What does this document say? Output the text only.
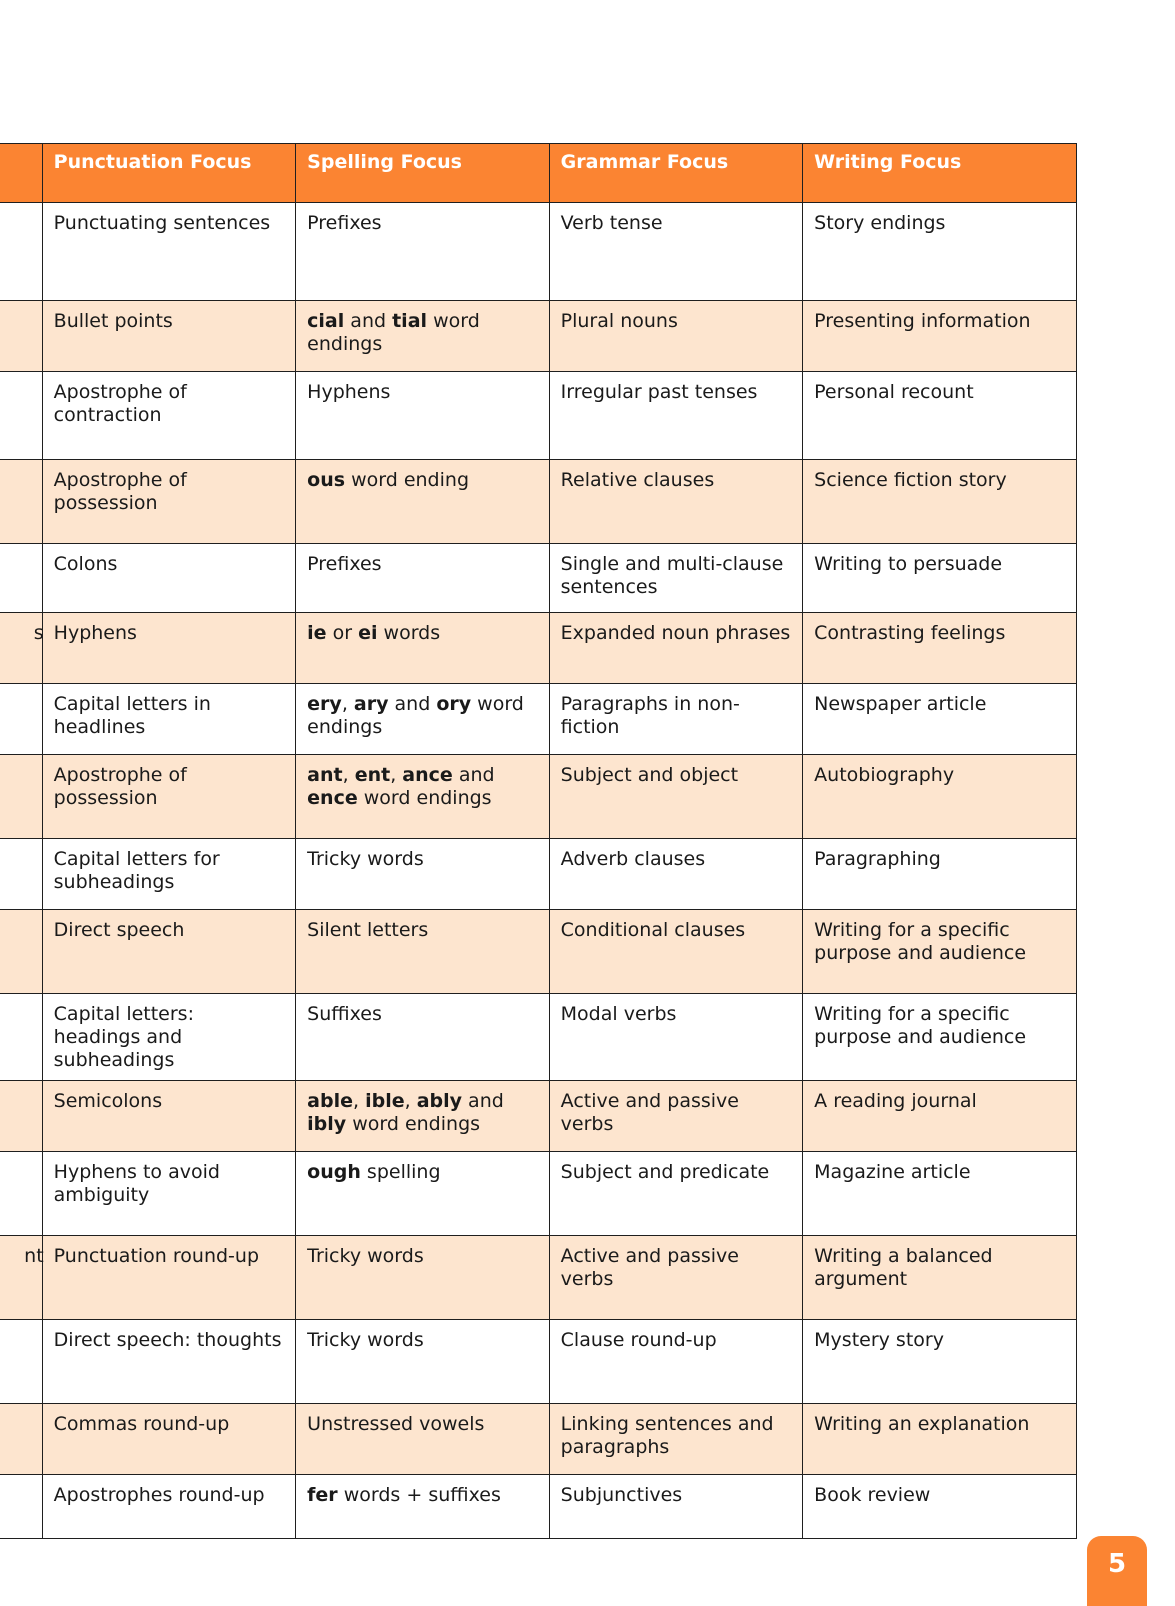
	Punctuation Focus	Spelling Focus	Grammar Focus	Writing Focus
	Punctuating sentences	Prefixes	Verb tense	Story endings
	Bullet points	cial and tial word endings	Plural nouns	Presenting information
	Apostrophe of contraction	Hyphens	Irregular past tenses	Personal recount
	Apostrophe of possession	ous word ending	Relative clauses	Science fiction story
	Colons	Prefixes	Single and multi-clause sentences	Writing to persuade
s	Hyphens	ie or ei words	Expanded noun phrases	Contrasting feelings
	Capital letters in headlines	ery, ary and ory word endings	Paragraphs in non-fiction	Newspaper article
	Apostrophe of possession	ant, ent, ance and ence word endings	Subject and object	Autobiography
	Capital letters for subheadings	Tricky words	Adverb clauses	Paragraphing
	Direct speech	Silent letters	Conditional clauses	Writing for a specific purpose and audience
	Capital letters: headings and subheadings	Suffixes	Modal verbs	Writing for a specific purpose and audience
	Semicolons	able, ible, ably and ibly word endings	Active and passive verbs	A reading journal
	Hyphens to avoid ambiguity	ough spelling	Subject and predicate	Magazine article
nt	Punctuation round-up	Tricky words	Active and passive verbs	Writing a balanced argument
	Direct speech: thoughts	Tricky words	Clause round-up	Mystery story
	Commas round-up	Unstressed vowels	Linking sentences and paragraphs	Writing an explanation
	Apostrophes round-up	fer words + suffixes	Subjunctives	Book review
5
